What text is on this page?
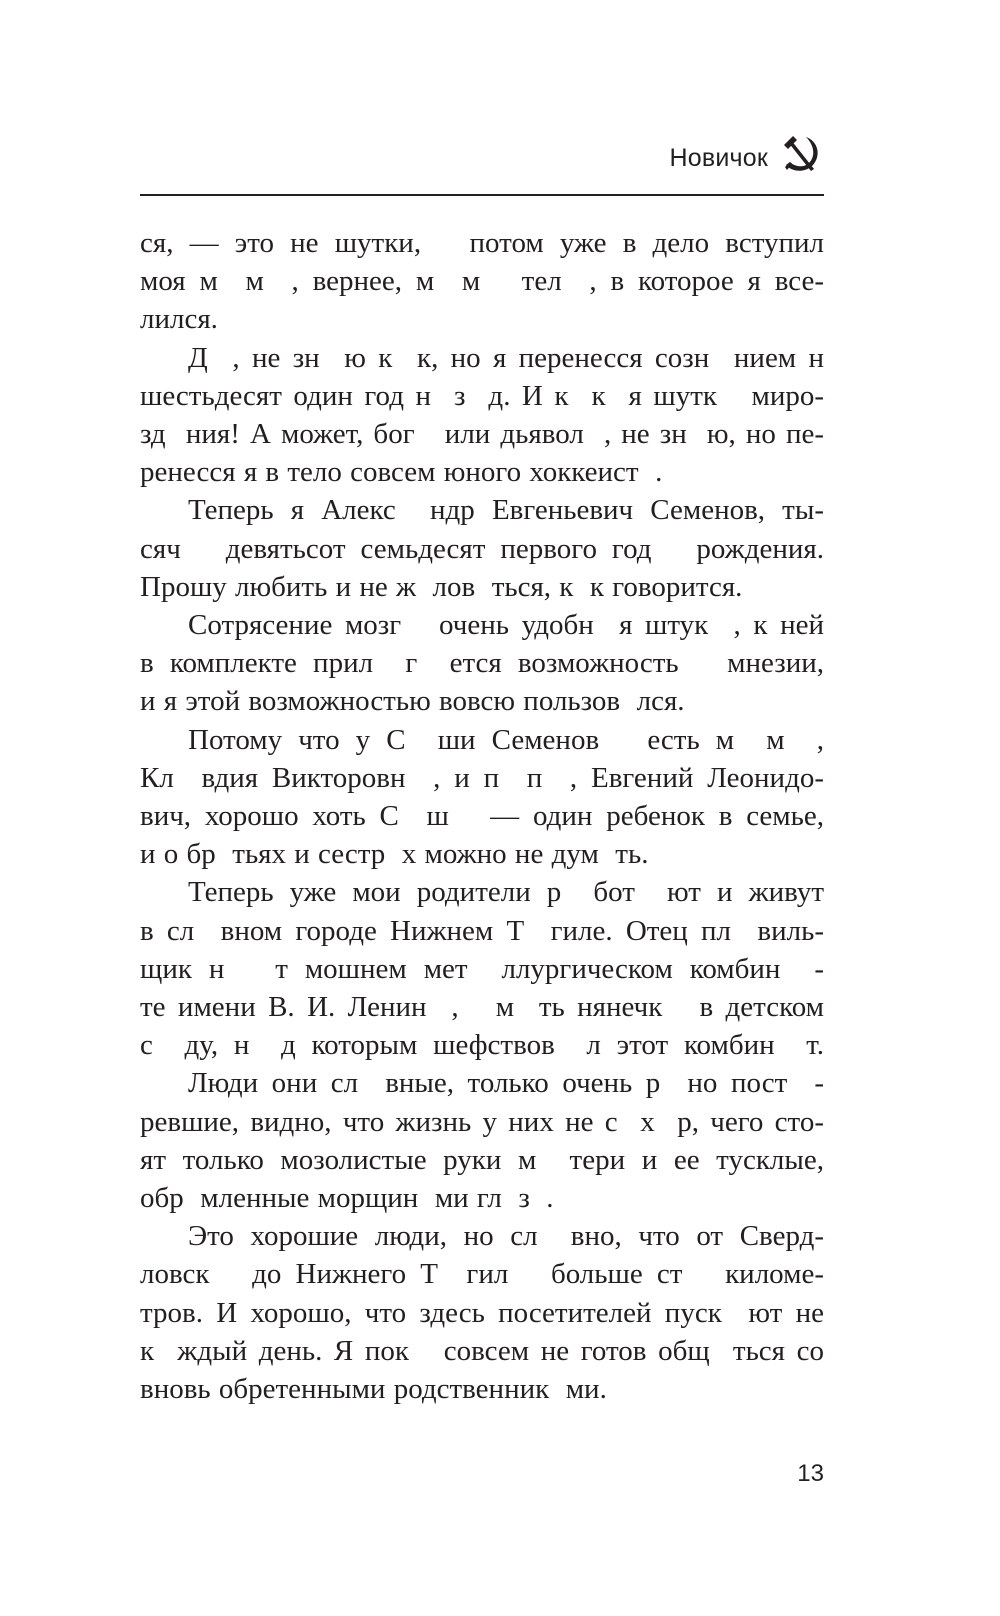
Новичок

ся, — это не шутки,   потом уже в дело вступил

моя м  м  , вернее, м  м   тел  , в которое я все-

лился.

Д  , не зн  ю к  к, но я перенесся созн  нием н

шестьдесят один год н  з  д. И к  к  я шутк   миро-

зд  ния! А может, бог   или дьявол  , не зн  ю, но пе-

ренесся я в тело совсем юного хоккеист  .

Теперь я Алекс  ндр Евгеньевич Семенов, ты-

сяч   девятьсот семьдесят первого год   рождения.

Прошу любить и не ж  лов  ться, к  к говорится.

Сотрясение мозг   очень удобн  я штук  , к ней

в комплекте прил  г  ется возможность   мнезии,

и я этой возможностью вовсю пользов  лся.

Потому что у С  ши Семенов   есть м  м  ,

Кл  вдия Викторовн  , и п  п  , Евгений Леонидо-

вич, хорошо хоть С  ш   — один ребенок в семье,

и о бр  тьях и сестр  х можно не дум  ть.

Теперь уже мои родители р  бот  ют и живут

в сл  вном городе Нижнем Т  гиле. Отец пл  виль-

щик н   т мошнем мет  ллургическом комбин  -

те имени В. И. Ленин  ,   м  ть нянечк   в детском

с  ду, н  д которым шефствов  л этот комбин  т.

Люди они сл  вные, только очень р  но пост  -

ревшие, видно, что жизнь у них не с  х  р, чего сто-

ят только мозолистые руки м  тери и ее тусклые,

обр  мленные морщин  ми гл  з  .

Это хорошие люди, но сл  вно, что от Сверд-

ловск   до Нижнего Т  гил   больше ст   киломе-

тров. И хорошо, что здесь посетителей пуск  ют не

к  ждый день. Я пок   совсем не готов общ  ться со

вновь обретенными родственник  ми.

13
